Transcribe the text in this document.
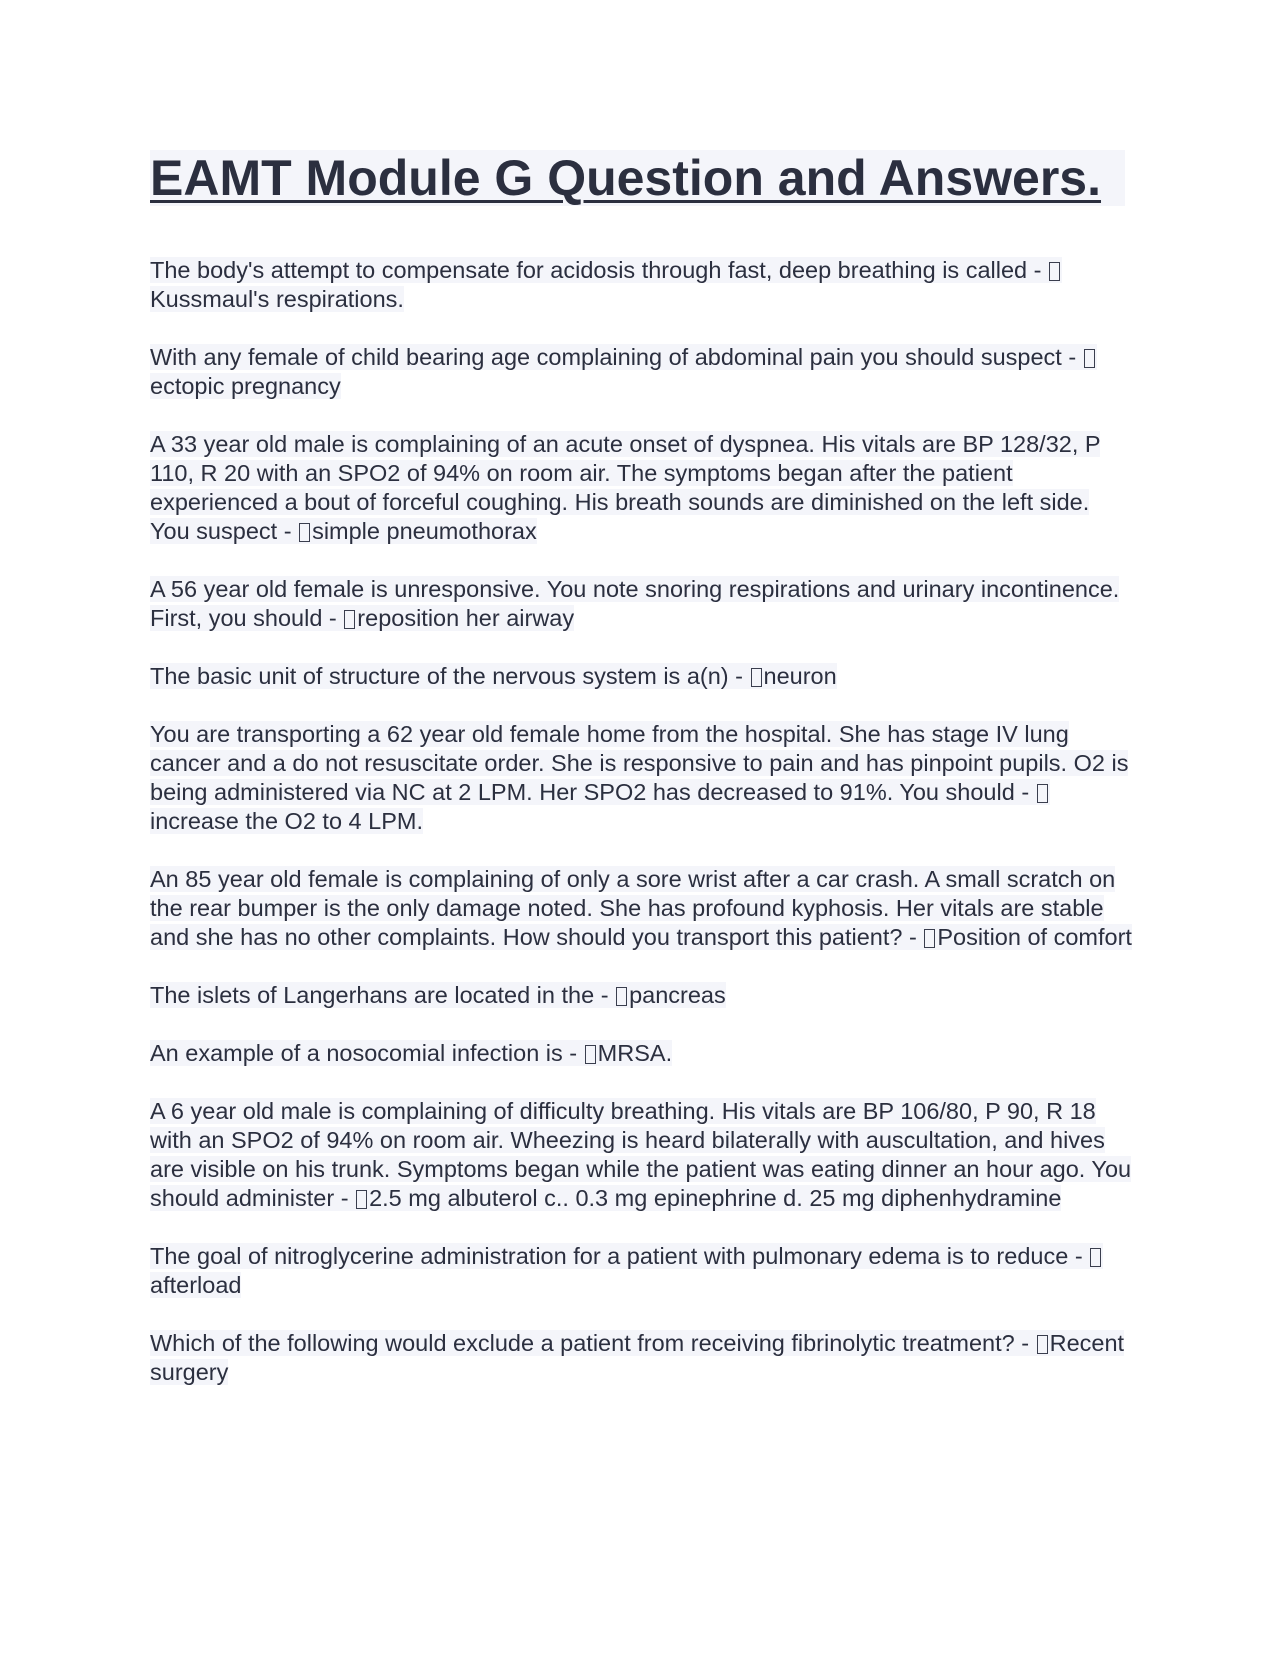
EAMT Module G Question and Answers.

The body's attempt to compensate for acidosis through fast, deep breathing is called - Kussmaul's respirations.

With any female of child bearing age complaining of abdominal pain you should suspect - ectopic pregnancy

A 33 year old male is complaining of an acute onset of dyspnea. His vitals are BP 128/32, P 110, R 20 with an SPO2 of 94% on room air. The symptoms began after the patient experienced a bout of forceful coughing. His breath sounds are diminished on the left side. You suspect - simple pneumothorax

A 56 year old female is unresponsive. You note snoring respirations and urinary incontinence. First, you should - reposition her airway

The basic unit of structure of the nervous system is a(n) - neuron

You are transporting a 62 year old female home from the hospital. She has stage IV lung cancer and a do not resuscitate order. She is responsive to pain and has pinpoint pupils. O2 is being administered via NC at 2 LPM. Her SPO2 has decreased to 91%. You should - increase the O2 to 4 LPM.

An 85 year old female is complaining of only a sore wrist after a car crash. A small scratch on the rear bumper is the only damage noted. She has profound kyphosis. Her vitals are stable and she has no other complaints. How should you transport this patient? - Position of comfort

The islets of Langerhans are located in the - pancreas

An example of a nosocomial infection is - MRSA.

A 6 year old male is complaining of difficulty breathing. His vitals are BP 106/80, P 90, R 18 with an SPO2 of 94% on room air. Wheezing is heard bilaterally with auscultation, and hives are visible on his trunk. Symptoms began while the patient was eating dinner an hour ago. You should administer - 2.5 mg albuterol c.. 0.3 mg epinephrine d. 25 mg diphenhydramine

The goal of nitroglycerine administration for a patient with pulmonary edema is to reduce - afterload

Which of the following would exclude a patient from receiving fibrinolytic treatment? - Recent surgery
